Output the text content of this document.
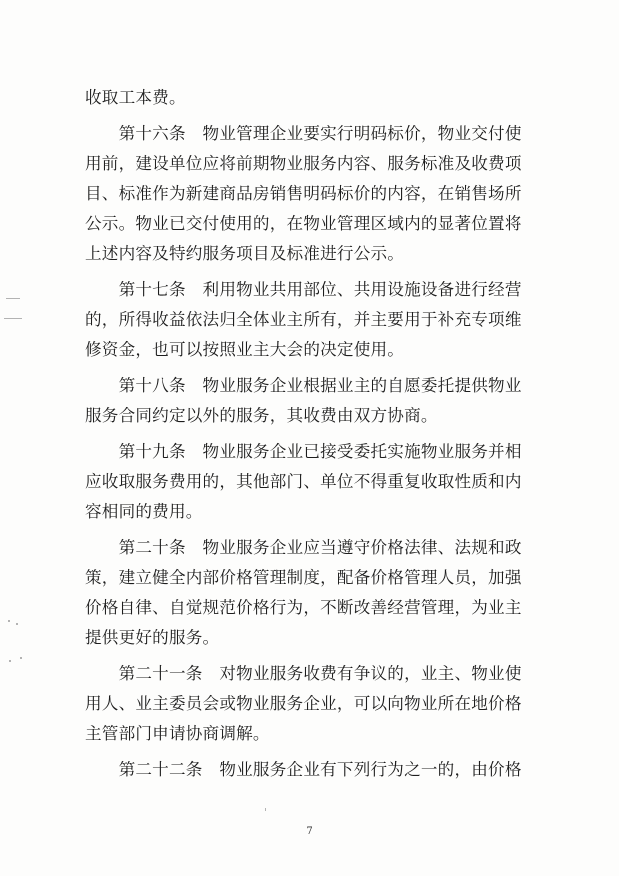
收取工本费。
　　第十六条　物业管理企业要实行明码标价，物业交付使
用前，建设单位应将前期物业服务内容、服务标准及收费项
目、标准作为新建商品房销售明码标价的内容，在销售场所
公示。物业已交付使用的，在物业管理区域内的显著位置将
上述内容及特约服务项目及标准进行公示。
　　第十七条　利用物业共用部位、共用设施设备进行经营
的，所得收益依法归全体业主所有，并主要用于补充专项维
修资金，也可以按照业主大会的决定使用。
　　第十八条　物业服务企业根据业主的自愿委托提供物业
服务合同约定以外的服务，其收费由双方协商。
　　第十九条　物业服务企业已接受委托实施物业服务并相
应收取服务费用的，其他部门、单位不得重复收取性质和内
容相同的费用。
　　第二十条　物业服务企业应当遵守价格法律、法规和政
策，建立健全内部价格管理制度，配备价格管理人员，加强
价格自律、自觉规范价格行为，不断改善经营管理，为业主
提供更好的服务。
　　第二十一条　对物业服务收费有争议的，业主、物业使
用人、业主委员会或物业服务企业，可以向物业所在地价格
主管部门申请协商调解。
　　第二十二条　物业服务企业有下列行为之一的，由价格
7
